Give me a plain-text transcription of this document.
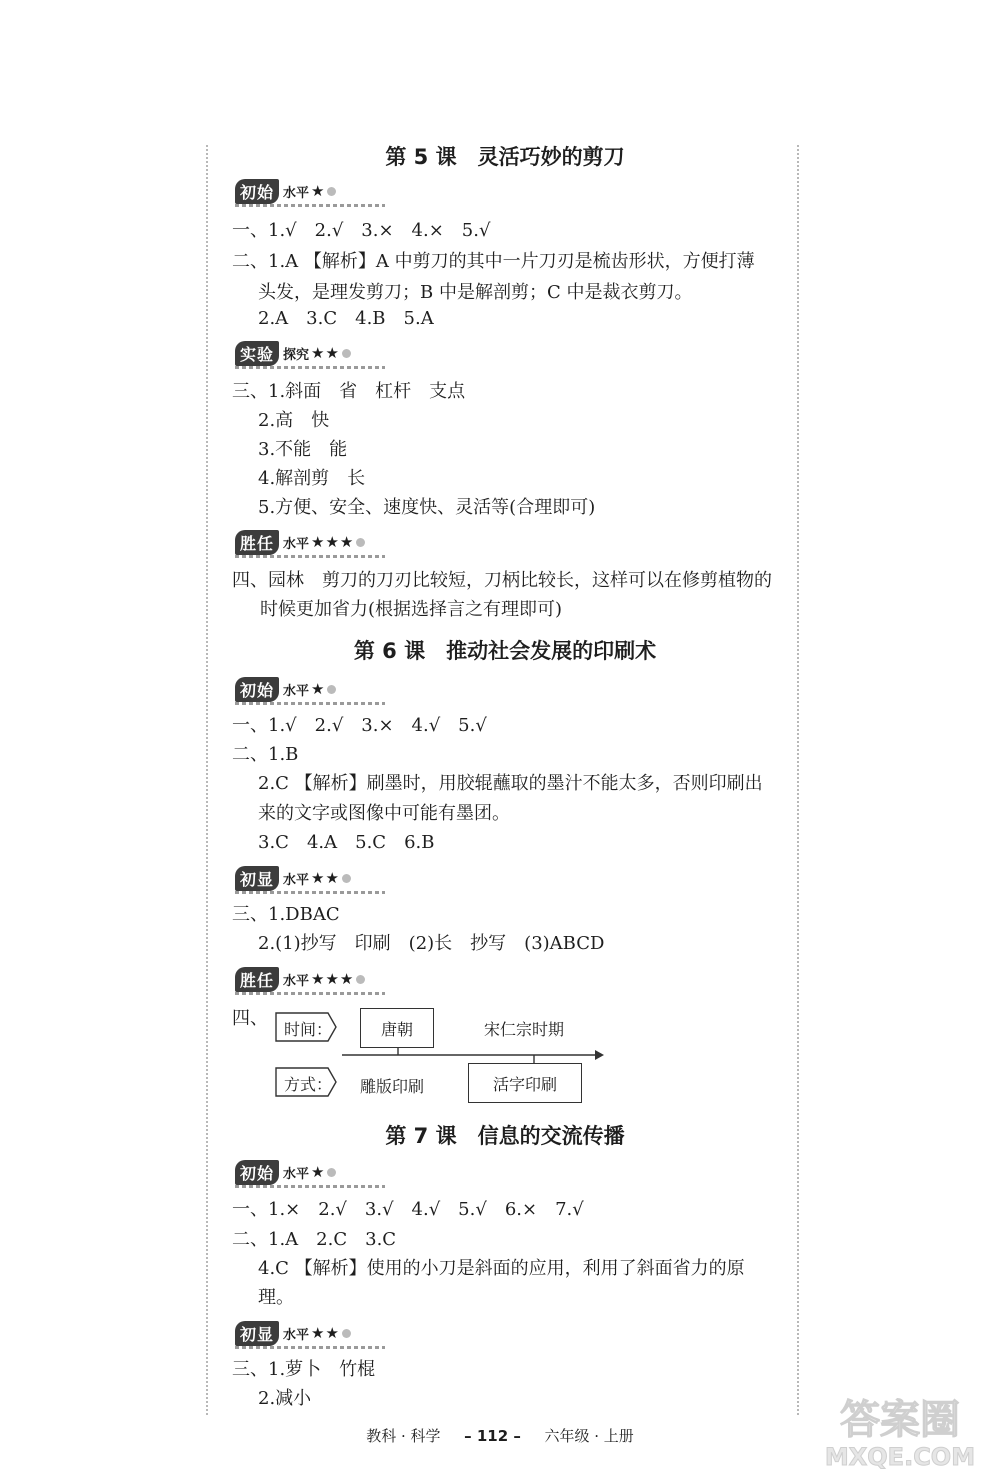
第 5 课　灵活巧妙的剪刀
初始 水平 ★
一、1.√　2.√　3.×　4.×　5.√
二、1.A 【解析】A 中剪刀的其中一片刀刃是梳齿形状，方便打薄
头发，是理发剪刀；B 中是解剖剪；C 中是裁衣剪刀。
2.A　3.C　4.B　5.A
实验 探究 ★★
三、1.斜面　省　杠杆　支点
2.高　快
3.不能　能
4.解剖剪　长
5.方便、安全、速度快、灵活等(合理即可)
胜任 水平 ★★★
四、园林　剪刀的刀刃比较短，刀柄比较长，这样可以在修剪植物的
时候更加省力(根据选择言之有理即可)
第 6 课　推动社会发展的印刷术
初始 水平 ★
一、1.√　2.√　3.×　4.√　5.√
二、1.B
2.C 【解析】刷墨时，用胶辊蘸取的墨汁不能太多，否则印刷出
来的文字或图像中可能有墨团。
3.C　4.A　5.C　6.B
初显 水平 ★★
三、1.DBAC
2.(1)抄写　印刷　(2)长　抄写　(3)ABCD
胜任 水平 ★★★
四、	时间：	唐朝	宋仁宗时期
方式： 雕版印刷	活字印刷
第 7 课　信息的交流传播
初始 水平 ★
一、1.×　2.√　3.√　4.√　5.√　6.×　7.√
二、1.A　2.C　3.C
4.C 【解析】使用的小刀是斜面的应用，利用了斜面省力的原
理。
初显 水平 ★★
三、1.萝卜　竹棍
2.减小
教科 · 科学 – 112 – 六年级 · 上册	答案圈
MXQE.COM
